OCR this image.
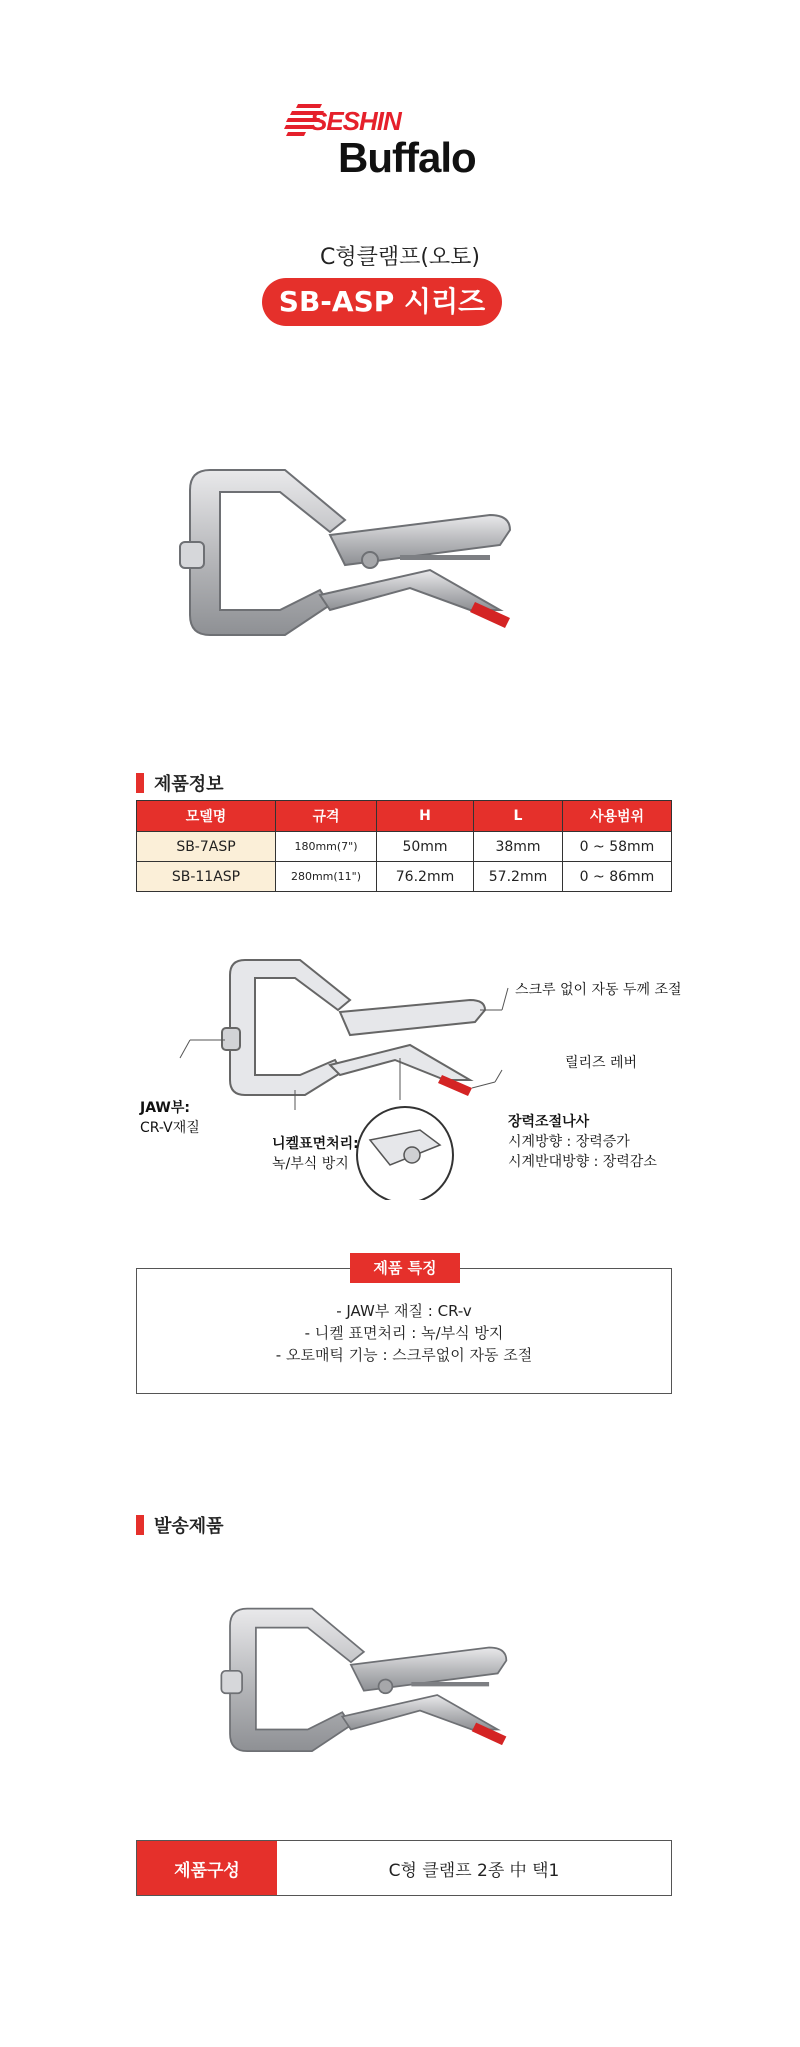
SESHIN
Buffalo
C형클램프(오토)
SB-ASP 시리즈
제품정보
모델명	규격	H	L	사용범위
SB-7ASP	180mm(7")	50mm	38mm	0 ~ 58mm
SB-11ASP	280mm(11")	76.2mm	57.2mm	0 ~ 86mm
스크루 없이 자동 두께 조절
릴리즈 레버
JAW부:
CR-V재질
니켈표면처리:
녹/부식 방지
장력조절나사
시계방향 : 장력증가
시계반대방향 : 장력감소
제품 특징
- JAW부 재질 : CR-v
- 니켈 표면처리 : 녹/부식 방지
- 오토매틱 기능 : 스크루없이 자동 조절
발송제품
제품구성	C형 클램프 2종 中 택1
